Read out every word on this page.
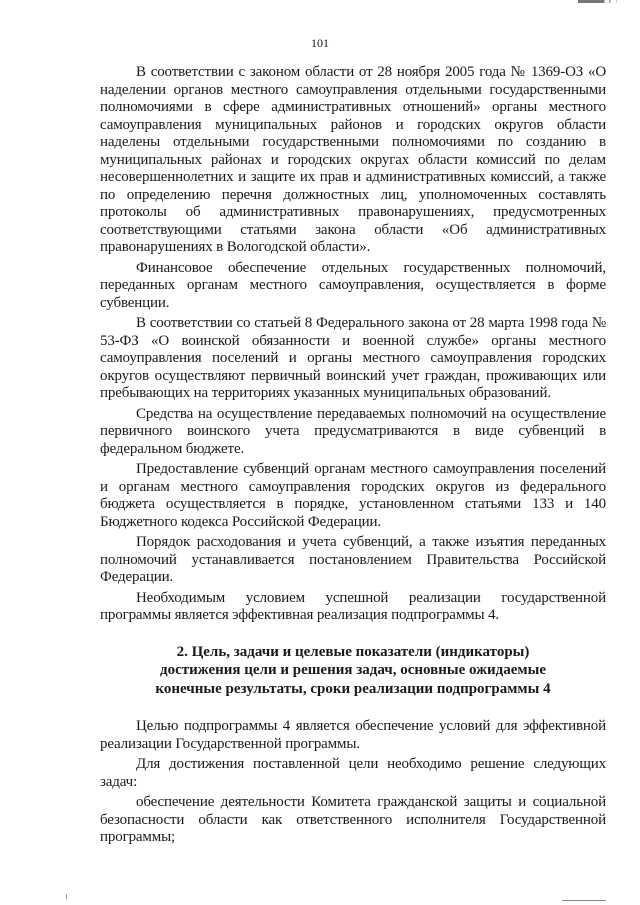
101

В соответствии с законом области от 28 ноября 2005 года № 1369-ОЗ «О наделении органов местного самоуправления отдельными государственными полномочиями в сфере административных отношений» органы местного самоуправления муниципальных районов и городских округов области наделены отдельными государственными полномочиями по созданию в муниципальных районах и городских округах области комиссий по делам несовершеннолетних и защите их прав и административных комиссий, а также по определению перечня должностных лиц, уполномоченных составлять протоколы об административных правонарушениях, предусмотренных соответствующими статьями закона области «Об административных правонарушениях в Вологодской области».

Финансовое обеспечение отдельных государственных полномочий, переданных органам местного самоуправления, осуществляется в форме субвенции.

В соответствии со статьей 8 Федерального закона от 28 марта 1998 года № 53-ФЗ «О воинской обязанности и военной службе» органы местного самоуправления поселений и органы местного самоуправления городских округов осуществляют первичный воинский учет граждан, проживающих или пребывающих на территориях указанных муниципальных образований.

Средства на осуществление передаваемых полномочий на осуществление первичного воинского учета предусматриваются в виде субвенций в федеральном бюджете.

Предоставление субвенций органам местного самоуправления поселений и органам местного самоуправления городских округов из федерального бюджета осуществляется в порядке, установленном статьями 133 и 140 Бюджетного кодекса Российской Федерации.

Порядок расходования и учета субвенций, а также изъятия переданных полномочий устанавливается постановлением Правительства Российской Федерации.

Необходимым условием успешной реализации государственной программы является эффективная реализация подпрограммы 4.

2. Цель, задачи и целевые показатели (индикаторы)
достижения цели и решения задач, основные ожидаемые
конечные результаты, сроки реализации подпрограммы 4

Целью подпрограммы 4 является обеспечение условий для эффективной реализации Государственной программы.

Для достижения поставленной цели необходимо решение следующих задач:

обеспечение деятельности Комитета гражданской защиты и социальной безопасности области как ответственного исполнителя Государственной программы;
